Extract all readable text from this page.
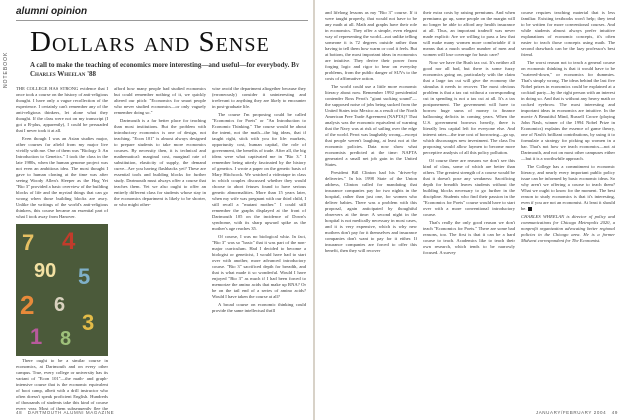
NOTEBOOK
alumni opinion
Dollars and Sense
A call to make the teaching of economics more interesting—and useful—for everybody. By Charles Wheelan '88

THE COLLEGE HAS STRONG evidence that I once took a course on the history of anti-religious thought. I have only a vague recollection of the experience. I certainly can't remember any of the anti-religious thinkers, let alone what they thought. If the class were not on my transcript (I got a B-plus, apparently), I could be persuaded that I never took it at all.

Even though I was an Asian studies major, other courses far afield from my major live vividly with me. One of them was "Biology 3: An Introduction to Genetics." I took the class in the late 1980s, when the human genome project was not even an ambitious idea. The most thought I gave to human cloning at the time was after seeing Woody Allen's Sleeper as the Hog Yet "Bio 3" provided a basic overview of the building blocks of life and the myriad things that can go wrong when those building blocks are awry. Unlike the writings of the world's anti-religious thinkers, this course became an essential part of what I took away from Hanover.

7 4
90 5
2 6
3
1 8

There ought to be a similar course in economics, at Dartmouth and on every other campus. True, every college or university has its variant of "Econ 101"—the math- and graph-intensive course that is the economic equivalent of boot camp, albeit with a drill instructor who often doesn't speak proficient English. Hundreds of thousands of students take this kind of course every year. Most of them subsequently flee the

afford how many people had studied economics but could remember nothing of it, we quickly altered our pitch: "Economics for smart people who never studied economics—or only vaguely remember doing so."

Dartmouth is a far better place for teaching than most institutions. But the problem with introductory economics is one of design, not teaching. "Econ 101" is almost always designed to prepare students to take more economics courses. By necessity then, it is technical and mathematical: marginal cost, marginal rate of substitution, elasticity of supply, the demand curve...Are you having flashbacks yet? These are essential tools and building blocks for further study. Dartmouth must always offer a course that teaches them. Yet we also ought to offer an entirely different class for students whose stay in the economics department is likely to be shorter, or who might other-

wise avoid the department altogether because they (erroneously) consider it uninteresting and irrelevant to anything they are likely to encounter in post-graduate life.

The course I'm proposing could be called "Economics for Poets" or "An Introduction to Economic Thinking." The course would be about the intent, not the math—the big ideas, that if taught right, stick with you for life: markets, opportunity cost, human capital, the role of government, the benefits of trade. After all, the big ideas were what captivated me in "Bio 3." I remember being utterly fascinated by the history of genetics. I wrote a paper on the genetic basis of Mary Hitchcock. We watched a videotape in class in which couples discussed whether they would choose to abort fetuses found to have serious genetic abnormalities. More than 15 years later, when my wife was pregnant with our third child, I still recall a "mutant mother." I could still remember the graphs displayed at the front of Dartmouth 105 on the incidence of Down's syndrome, with its sharp upward spike as the mother's age reaches 35.

Of course, I was no biological whiz. In fact, "Bio 3" was so "basic" that it was part of the non-major curriculum. Had I decided to become a biologist or geneticist, I would have had to start over with another, more advanced introductory course. "Bio 3" sacrificed depth for breadth, and that is what made it so wonderful. Would I have enjoyed "Bio 3" as much if I had been forced to memorize the amino acids that make up RNA? Or be on the tail end of a series of amino acids? Would I have taken the course at all?

A broad course on economic thinking could provide the same intellectual thrill

48 DARTMOUTH ALUMNI MAGAZINE

and lifelong lessons as my "Bio 3" course. If it were taught properly, that would not have to be any math at all. Math and graphs have their role in economics. They offer a simple, even elegant way of representing the world—not unlike telling someone it is 72 degrees outside rather than having to tell them how warm or cool it feels. But at bottom, the most important ideas in economics are intuitive. They derive their power from forging logic and rigor to bear on everyday problems, from the public danger of SUVs to the costs of affirmative action.

The world could use a little more economic literacy about now. Remember 1992 presidential contender Ross Perot's "giant sucking sound"—the supposed noise of jobs being sucked from the United States into Mexico as a result of the North American Free Trade Agreement (NAFTA)? That analysis was the economic equivalent of warning that the Navy was at risk of sailing over the edge of the world. Perot was laughably wrong—except that people weren't laughing, at least not at the economic policies. Data now show what economists predicted at the time: NAFTA generated a small net job gain in the United States.

President Bill Clinton had his "driver-by deliveries." In his 1998 State of the Union address, Clinton called for mandating that insurance companies pay for two nights in the hospital, rather than just one, for women who deliver babies. There was a problem with this proposal, again anticipated by thoughtful observers at the time: A second night in the hospital is not medically necessary in most cases, and it is very expensive, which is why new mothers don't pay for it themselves and insurance companies don't want to pay for it either. If insurance companies are forced to offer this benefit, then they will recover

their extra costs by raising premiums. And when premiums go up, some people on the margin will no longer be able to afford any health insurance at all. Thus, an important tradeoff was never made explicit: Are we willing to pass a law that will make many women more comfortable if it means that a much smaller number of men and women will lose coverage for basic care?

Now we have the Bush tax cut. It's neither all good nor all bad, but there is some fuzzy economics going on, particularly with the claim that a large tax cut will give the economy the stimulus it needs to recover. The most obvious problem is that a tax cut without a corresponding cut in spending is not a tax cut at all. It's a tax postponement. The government will have to borrow huge sums of money to finance ballooning deficits in coming years. When the U.S. government borrows heavily, there is literally less capital left for everyone else. And interest rates—the true cost of borrowing—go up, which discourages new investment. The class I'm proposing would allow laymen to become more perceptive analysts of all this policy pollution.

Of course there are reasons we don't see this kind of class, some of which are better than others. The greatest strength of a course would be that it doesn't pose any weakness: Sacrificing depth for breadth leaves students without the building blocks necessary to go further in the discipline. Students who find their passion in the "Economics for Poets" course would have to start over with a more conventional introductory course.

That's really the only good reason we don't teach "Economics for Poets." There are some bad reasons, too. The first is that it can be a hard course to teach. Academics like to teach their own research, which tends to be narrowly focused. A survey

course requires teaching material that is less familiar. Existing textbooks won't help; they tend to be written for more conventional courses. And while students almost always prefer intuitive explanations of economic concepts, it's often easier to teach those concepts using math. The second drawback can be the lazy professor's best friend.

The worst reason not to teach a general course on economic thinking is that it would have to be "watered-down," or economics for dummies. That's simply wrong. The ideas behind the last five Nobel prizes in economics could be explained at a cocktail party—by the right person with an interest in doing so. And that is without any heavy math or cocked eyebrow. The most interesting and important ideas in economics are intuitive. In the movie A Beautiful Mind, Russell Crowe (playing John Nash, winner of the 1994 Nobel Prize in Economics) explains the essence of game theory, one of Nash's brilliant contributions, by using it to formulate a strategy for picking up women in a bar. That's not how we teach economics—not at Dartmouth, and not on most other campuses either—but it is a worthwhile approach.

The College has a commitment to economic literacy, and nearly every important public policy issue can be informed by basic economic ideas. So why aren't we offering a course to teach them? What we ought to know for the moment. The best reason to study economics is that it's interesting, even if you are not an economist. At least it should be.

CHARLES WHEELAN is director of policy and communications for Chicago Metropolis 2020, a nonprofit organization advocating better regional policies in the Chicago area. He is a former Midwest correspondent for The Economist.

JANUARY/FEBRUARY 2004 49
